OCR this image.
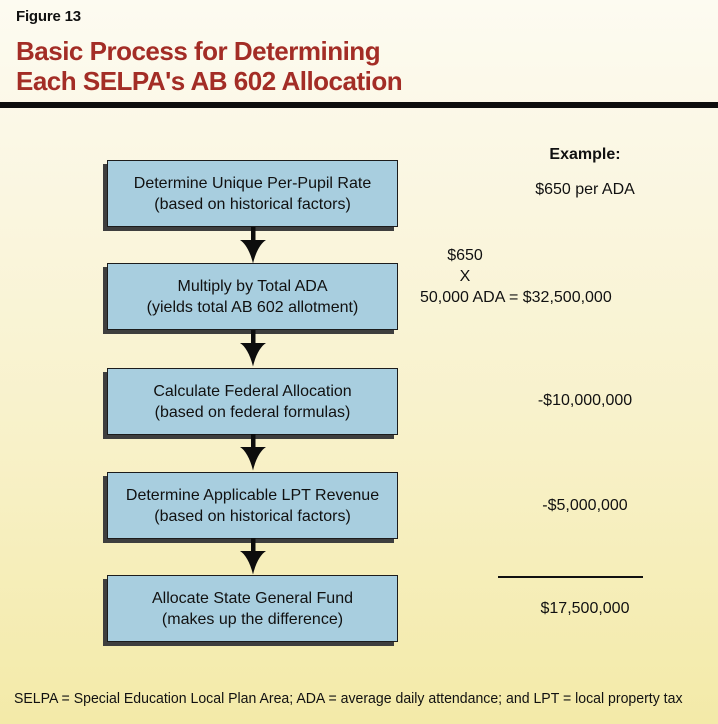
Figure 13
Basic Process for Determining
Each SELPA's AB 602 Allocation
Example:
Determine Unique Per-Pupil Rate
(based on historical factors)
$650 per ADA
Multiply by Total ADA
(yields total AB 602 allotment)
$650
X
50,000 ADA = $32,500,000
Calculate Federal Allocation
(based on federal formulas)
-$10,000,000
Determine Applicable LPT Revenue
(based on historical factors)
-$5,000,000
Allocate State General Fund
(makes up the difference)
$17,500,000
SELPA = Special Education Local Plan Area; ADA = average daily attendance; and LPT = local property tax
